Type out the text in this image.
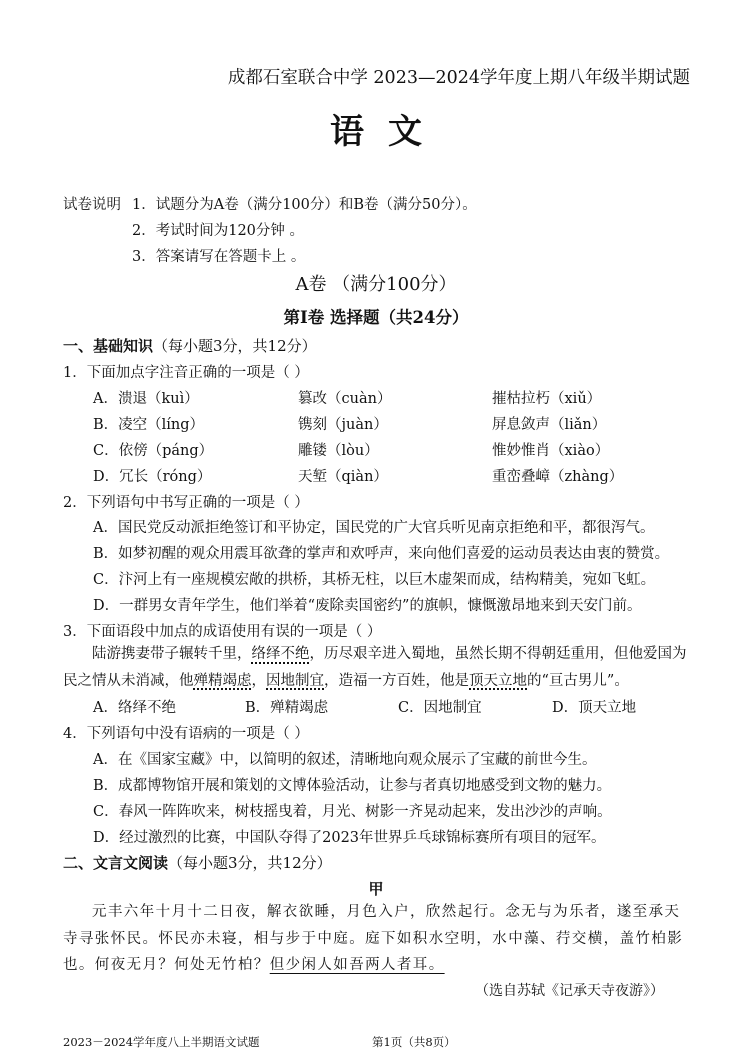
成都石室联合中学 2023—2024学年度上期八年级半期试题
语文
试卷说明 1．试题分为A卷（满分100分）和B卷（满分50分）。
2．考试时间为120分钟 。
3．答案请写在答题卡上 。
A卷 （满分100分）
第Ⅰ卷 选择题（共24分）
一、基础知识（每小题3分，共12分）
1．下面加点字注音正确的一项是（ ）
A．溃退（kuì）	篡改（cuàn）	摧枯拉朽（xiǔ）
B．凌空（líng）	镌刻（juàn）	屏息敛声（liǎn）
C．依傍（páng）	雕镂（lòu）	惟妙惟肖（xiào）
D．冗长（róng）	天堑（qiàn）	重峦叠嶂（zhàng）
2．下列语句中书写正确的一项是（ ）
A．国民党反动派拒绝签订和平协定，国民党的广大官兵听见南京拒绝和平，都很泻气。
B．如梦初醒的观众用震耳欲聋的掌声和欢呼声，来向他们喜爱的运动员表达由衷的赞赏。
C．汴河上有一座规模宏敞的拱桥，其桥无柱，以巨木虚架而成，结构精美，宛如飞虹。
D．一群男女青年学生，他们举着“废除卖国密约”的旗帜，慷慨激昂地来到天安门前。
3．下面语段中加点的成语使用有误的一项是（ ）
陆游携妻带子辗转千里，络绎不绝，历尽艰辛进入蜀地，虽然长期不得朝廷重用，但他爱国为民之情从未消减，他殚精竭虑，因地制宜，造福一方百姓，他是顶天立地的“亘古男儿”。
A．络绎不绝	B．殚精竭虑	C．因地制宜	D．顶天立地
4．下列语句中没有语病的一项是（ ）
A．在《国家宝藏》中，以简明的叙述，清晰地向观众展示了宝藏的前世今生。
B．成都博物馆开展和策划的文博体验活动，让参与者真切地感受到文物的魅力。
C．春风一阵阵吹来，树枝摇曳着，月光、树影一齐晃动起来，发出沙沙的声响。
D．经过激烈的比赛，中国队夺得了2023年世界乒乓球锦标赛所有项目的冠军。
二、文言文阅读（每小题3分，共12分）
甲
元丰六年十月十二日夜，解衣欲睡，月色入户，欣然起行。念无与为乐者，遂至承天寺寻张怀民。怀民亦未寝，相与步于中庭。庭下如积水空明，水中藻、荇交横，盖竹柏影也。何夜无月？何处无竹柏？但少闲人如吾两人者耳。
（选自苏轼《记承天寺夜游》）
2023－2024学年度八上半期语文试题	第1页（共8页）
